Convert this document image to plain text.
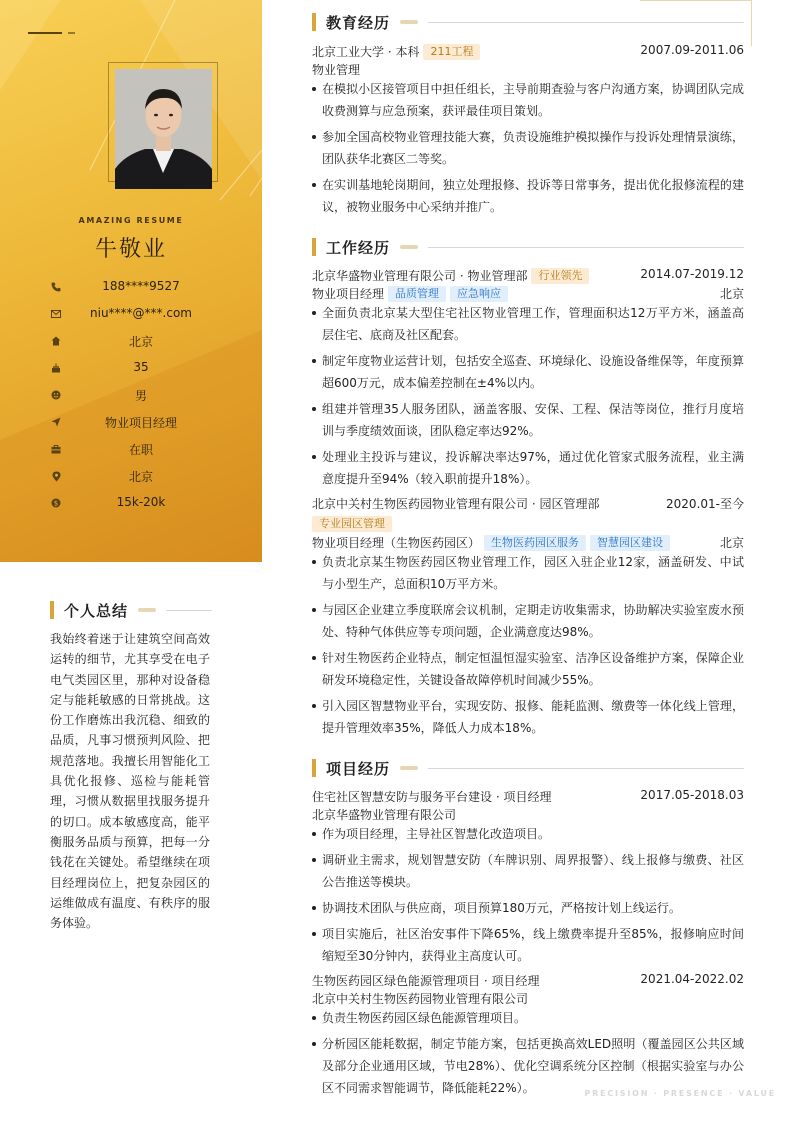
AMAZING RESUME
牛敬业
188****9527
niu****@***.com
北京
35
男
物业项目经理
在职
北京
$	15k-20k
个人总结
我始终着迷于让建筑空间高效运转的细节，尤其享受在电子电气类园区里，那种对设备稳定与能耗敏感的日常挑战。这份工作磨炼出我沉稳、细致的品质，凡事习惯预判风险、把规范落地。我擅长用智能化工具优化报修、巡检与能耗管理，习惯从数据里找服务提升的切口。成本敏感度高，能平衡服务品质与预算，把每一分钱花在关键处。希望继续在项目经理岗位上，把复杂园区的运维做成有温度、有秩序的服务体验。
教育经历
北京工业大学 · 本科 211工程	2007.09-2011.06
物业管理
在模拟小区接管项目中担任组长，主导前期查验与客户沟通方案，协调团队完成收费测算与应急预案，获评最佳项目策划。
参加全国高校物业管理技能大赛，负责设施维护模拟操作与投诉处理情景演练，团队获华北赛区二等奖。
在实训基地轮岗期间，独立处理报修、投诉等日常事务，提出优化报修流程的建议，被物业服务中心采纳并推广。
工作经历
北京华盛物业管理有限公司 · 物业管理部 行业领先	2014.07-2019.12
物业项目经理 品质管理 应急响应	北京
全面负责北京某大型住宅社区物业管理工作，管理面积达12万平方米，涵盖高层住宅、底商及社区配套。
制定年度物业运营计划，包括安全巡查、环境绿化、设施设备维保等，年度预算超600万元，成本偏差控制在±4%以内。
组建并管理35人服务团队，涵盖客服、安保、工程、保洁等岗位，推行月度培训与季度绩效面谈，团队稳定率达92%。
处理业主投诉与建议，投诉解决率达97%，通过优化管家式服务流程，业主满意度提升至94%（较入职前提升18%）。
北京中关村生物医药园物业管理有限公司 · 园区管理部	2020.01-至今
专业园区管理
物业项目经理（生物医药园区） 生物医药园区服务 智慧园区建设	北京
负责北京某生物医药园区物业管理工作，园区入驻企业12家，涵盖研发、中试与小型生产，总面积10万平方米。
与园区企业建立季度联席会议机制，定期走访收集需求，协助解决实验室废水预处、特种气体供应等专项问题，企业满意度达98%。
针对生物医药企业特点，制定恒温恒湿实验室、洁净区设备维护方案，保障企业研发环境稳定性，关键设备故障停机时间减少55%。
引入园区智慧物业平台，实现安防、报修、能耗监测、缴费等一体化线上管理，提升管理效率35%，降低人力成本18%。
项目经历
住宅社区智慧安防与服务平台建设 · 项目经理	2017.05-2018.03
北京华盛物业管理有限公司
作为项目经理，主导社区智慧化改造项目。
调研业主需求，规划智慧安防（车牌识别、周界报警）、线上报修与缴费、社区公告推送等模块。
协调技术团队与供应商，项目预算180万元，严格按计划上线运行。
项目实施后，社区治安事件下降65%，线上缴费率提升至85%，报修响应时间缩短至30分钟内，获得业主高度认可。
生物医药园区绿色能源管理项目 · 项目经理	2021.04-2022.02
北京中关村生物医药园物业管理有限公司
负责生物医药园区绿色能源管理项目。
分析园区能耗数据，制定节能方案，包括更换高效LED照明（覆盖园区公共区域及部分企业通用区域，节电28%）、优化空调系统分区控制（根据实验室与办公区不同需求智能调节，降低能耗22%）。	PRECISION · PRESENCE · VALUE
